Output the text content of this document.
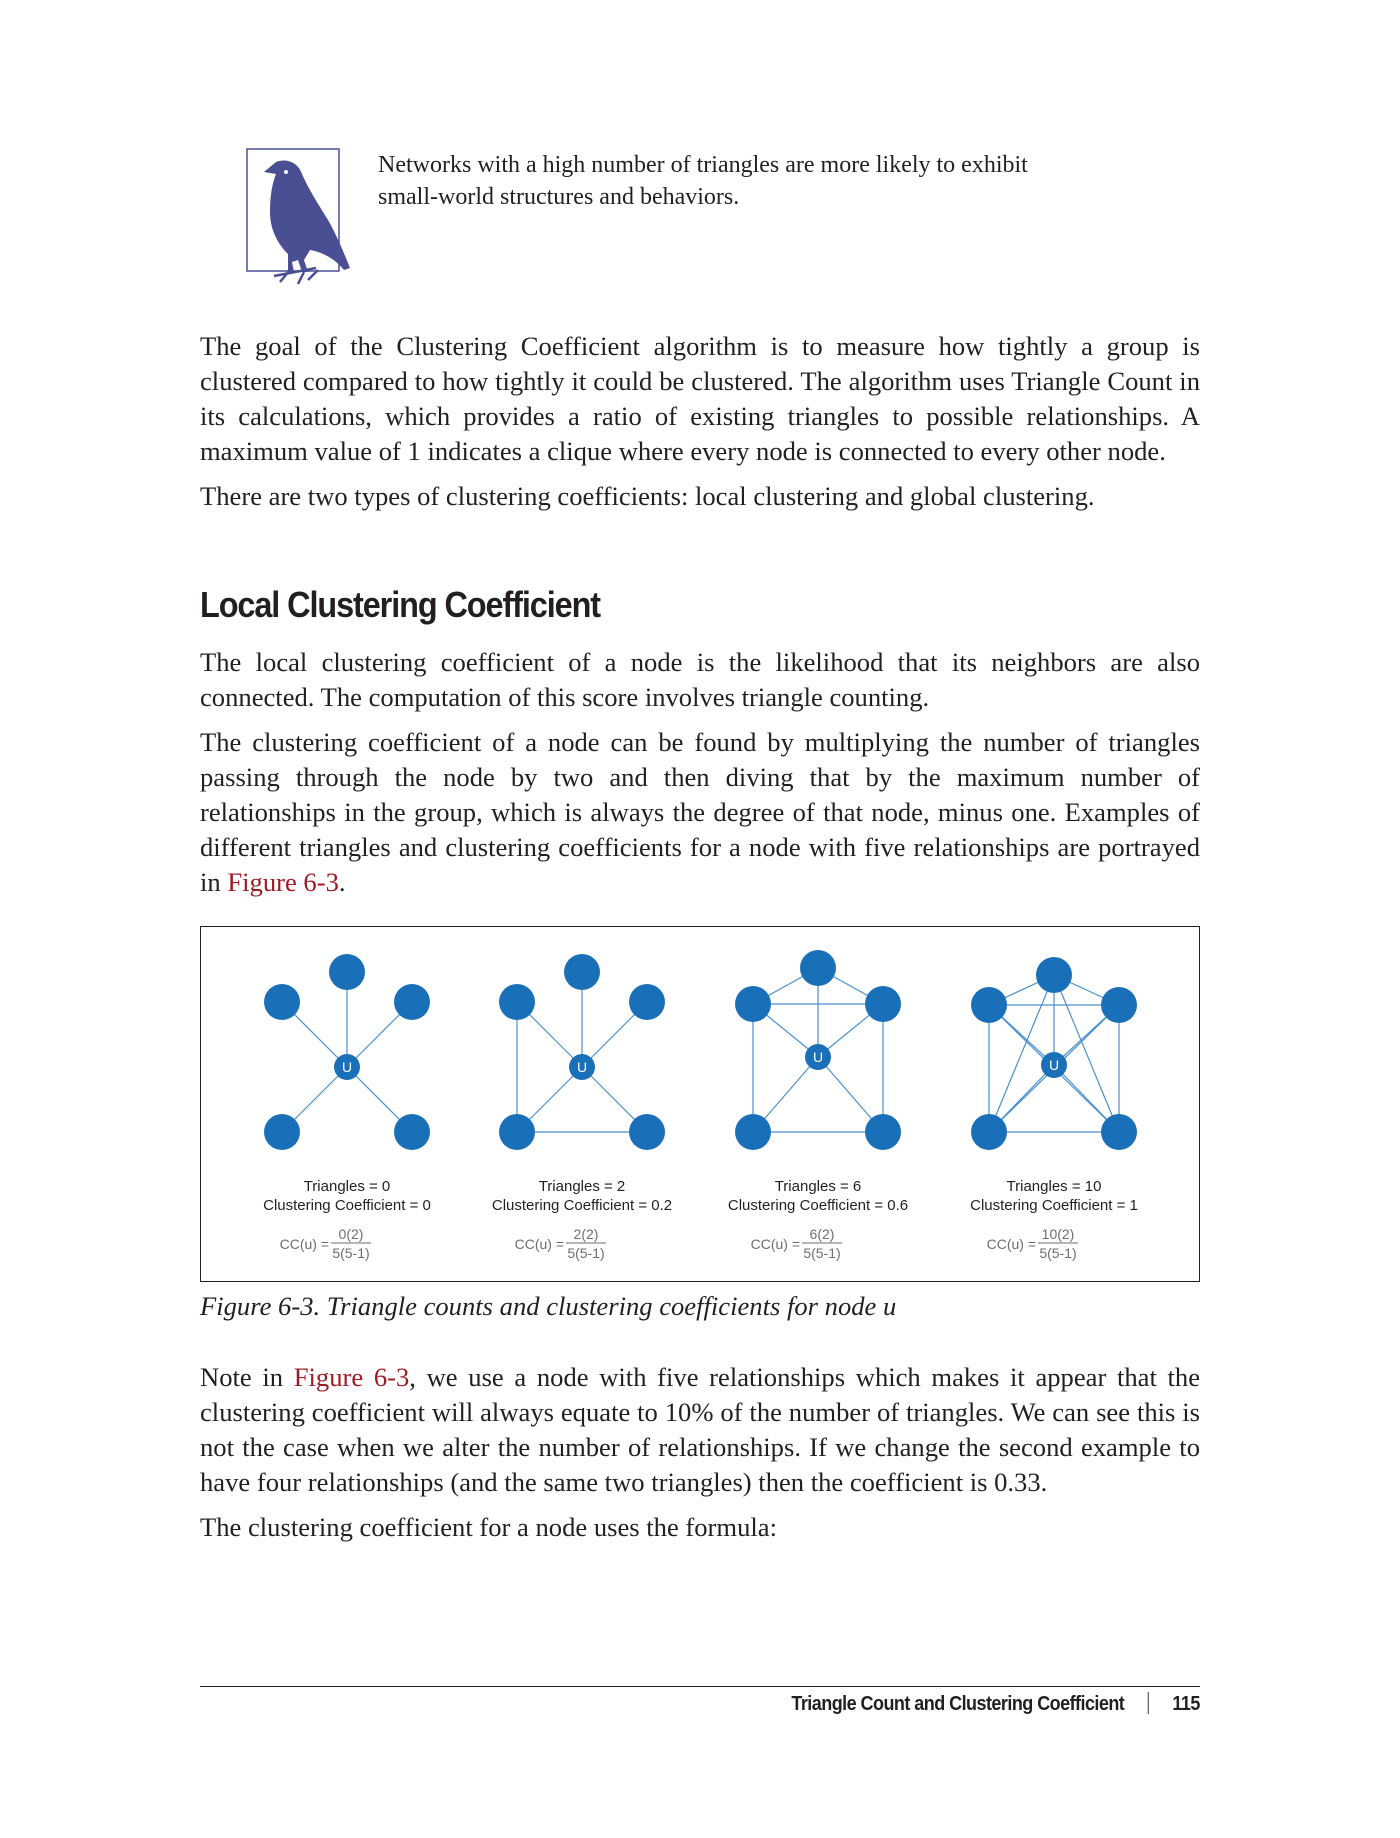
Networks with a high number of triangles are more likely to exhibit
small-world structures and behaviors.

The goal of the Clustering Coefficient algorithm is to measure how tightly a group is clustered compared to how tightly it could be clustered. The algorithm uses Triangle Count in its calculations, which provides a ratio of existing triangles to possible relationships. A maximum value of 1 indicates a clique where every node is connected to every other node.

There are two types of clustering coefficients: local clustering and global clustering.

Local Clustering Coefficient

The local clustering coefficient of a node is the likelihood that its neighbors are also connected. The computation of this score involves triangle counting.

The clustering coefficient of a node can be found by multiplying the number of triangles passing through the node by two and then diving that by the maximum number of relationships in the group, which is always the degree of that node, minus one. Examples of different triangles and clustering coefficients for a node with five relationships are portrayed in Figure 6-3.

U
Triangles = 0
Clustering Coefficient = 0
CC(u) =
0(2)
5(5-1)
U
Triangles = 2
Clustering Coefficient = 0.2
CC(u) =
2(2)
5(5-1)
U
Triangles = 6
Clustering Coefficient = 0.6
CC(u) =
6(2)
5(5-1)
U
Triangles = 10
Clustering Coefficient = 1
CC(u) =
10(2)
5(5-1)

Figure 6-3. Triangle counts and clustering coefficients for node u

Note in Figure 6-3, we use a node with five relationships which makes it appear that the clustering coefficient will always equate to 10% of the number of triangles. We can see this is not the case when we alter the number of relationships. If we change the second example to have four relationships (and the same two triangles) then the coefficient is 0.33.

The clustering coefficient for a node uses the formula:

Triangle Count and Clustering Coefficient 115
